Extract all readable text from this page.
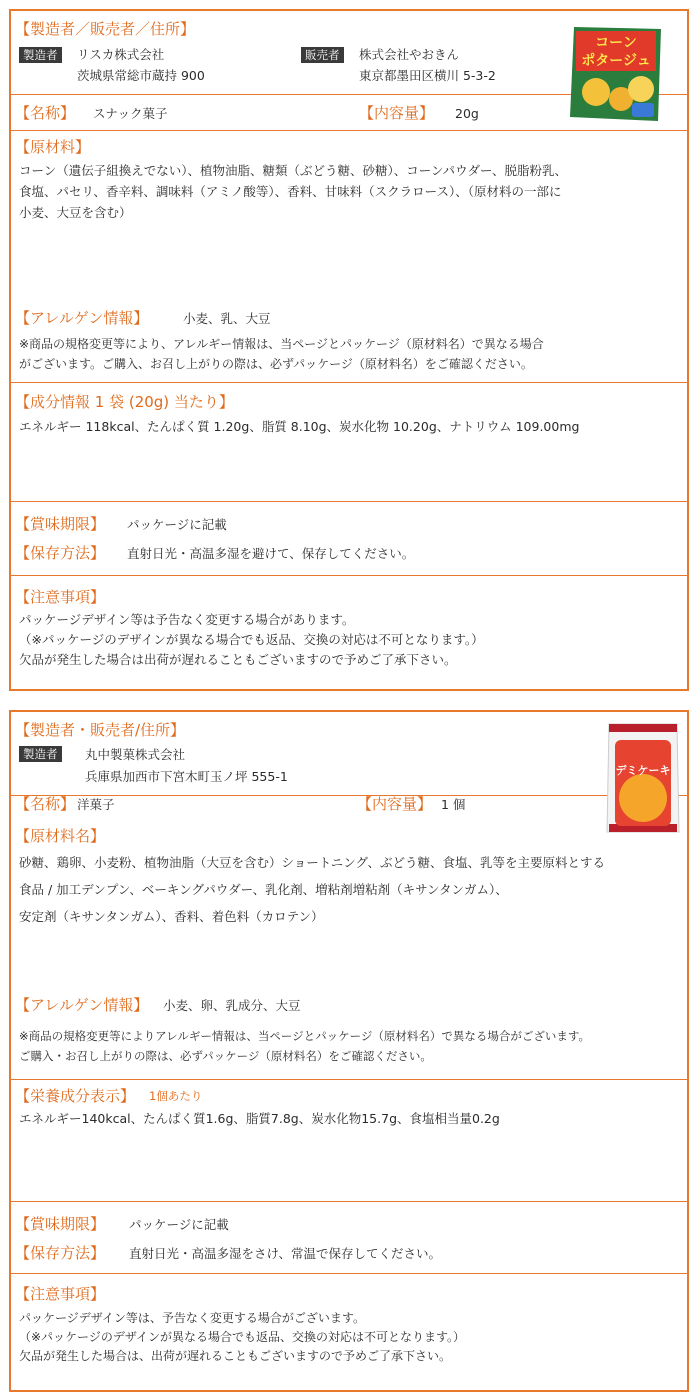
【製造者／販売者／住所】
製造者	リスカ株式会社
茨城県常総市蔵持 900
販売者	株式会社やおきん
東京都墨田区横川 5-3-2
コーン
ポタージュ
【名称】 スナック菓子	【内容量】 20g
【原材料】
コーン（遺伝子組換えでない）、植物油脂、糖類（ぶどう糖、砂糖）、コーンパウダー、脱脂粉乳、
食塩、パセリ、香辛料、調味料（アミノ酸等）、香料、甘味料（スクラロース）、（原材料の一部に
小麦、大豆を含む）
【アレルゲン情報】	小麦、乳、大豆
※商品の規格変更等により、アレルギー情報は、当ページとパッケージ（原材料名）で異なる場合
がございます。ご購入、お召し上がりの際は、必ずパッケージ（原材料名）をご確認ください。
【成分情報 1 袋 (20g) 当たり】
エネルギー 118kcal、たんぱく質 1.20g、脂質 8.10g、炭水化物 10.20g、ナトリウム 109.00mg
【賞味期限】 パッケージに記載
【保存方法】 直射日光・高温多湿を避けて、保存してください。
【注意事項】
パッケージデザイン等は予告なく変更する場合があります。
（※パッケージのデザインが異なる場合でも返品、交換の対応は不可となります。）
欠品が発生した場合は出荷が遅れることもございますので予めご了承下さい。
【製造者・販売者/住所】
製造者	丸中製菓株式会社
兵庫県加西市下宮木町玉ノ坪 555-1	デミケーキ
【名称】 洋菓子	【内容量】 1 個
【原材料名】
砂糖、鶏卵、小麦粉、植物油脂（大豆を含む）ショートニング、ぶどう糖、食塩、乳等を主要原料とする
食品 / 加工デンプン、ベーキングパウダー、乳化剤、増粘剤増粘剤（キサンタンガム）、
安定剤（キサンタンガム）、香料、着色料（カロテン）
【アレルゲン情報】 小麦、卵、乳成分、大豆
※商品の規格変更等によりアレルギー情報は、当ページとパッケージ（原材料名）で異なる場合がございます。
ご購入・お召し上がりの際は、必ずパッケージ（原材料名）をご確認ください。
【栄養成分表示】 1個あたり
エネルギー140kcal、たんぱく質1.6g、脂質7.8g、炭水化物15.7g、食塩相当量0.2g
【賞味期限】 パッケージに記載
【保存方法】 直射日光・高温多湿をさけ、常温で保存してください。
【注意事項】
パッケージデザイン等は、予告なく変更する場合がございます。
（※パッケージのデザインが異なる場合でも返品、交換の対応は不可となります。）
欠品が発生した場合は、出荷が遅れることもございますので予めご了承下さい。
